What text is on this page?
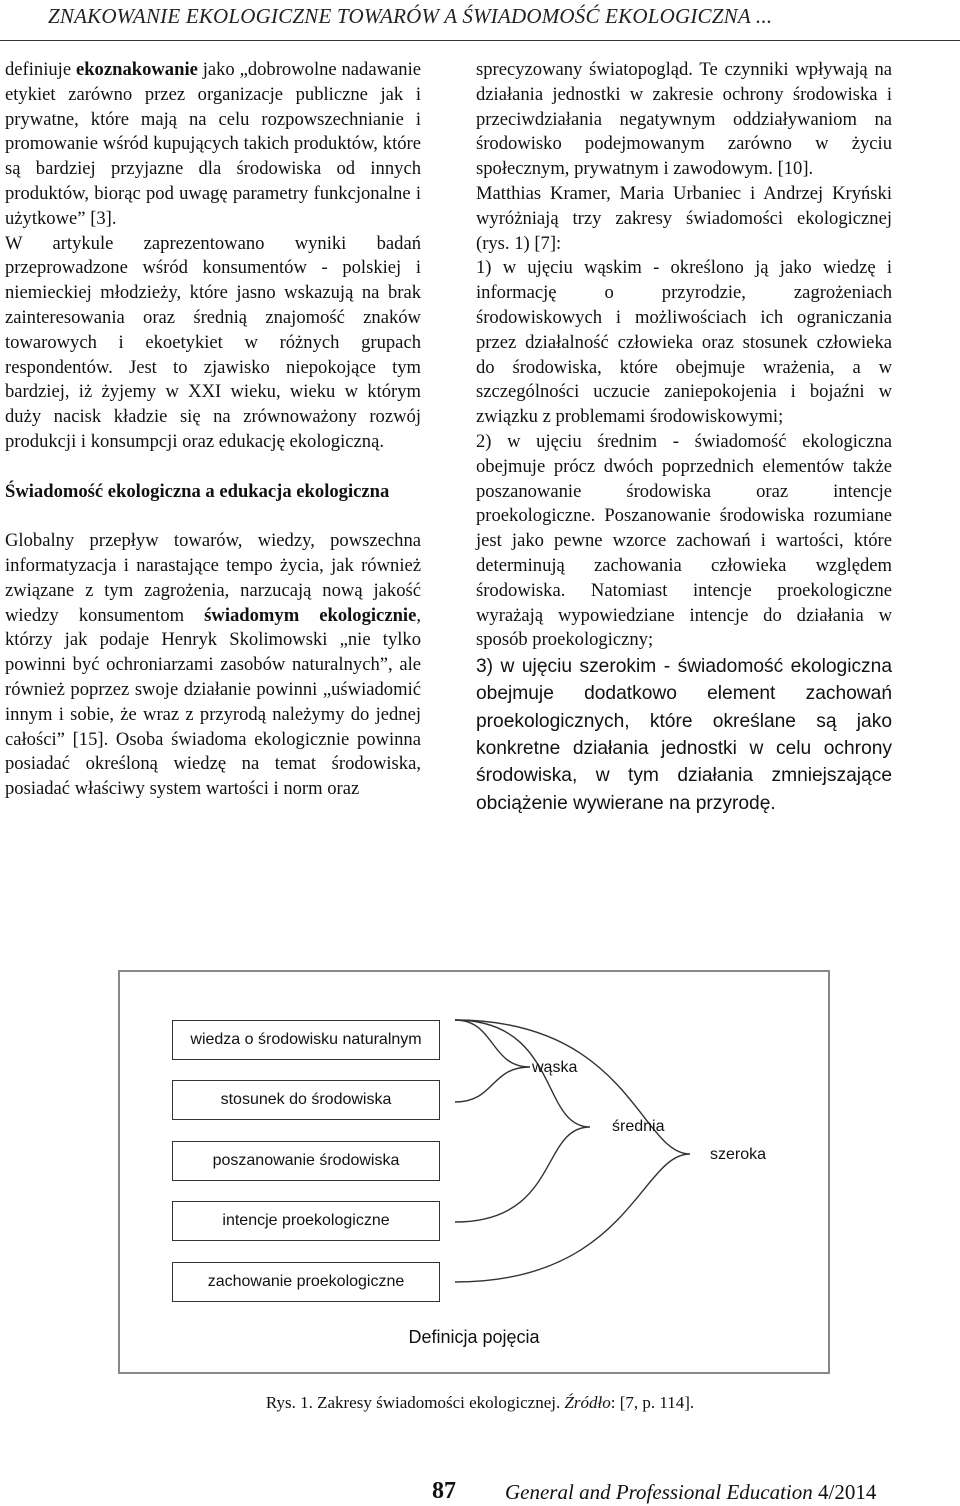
ZNAKOWANIE EKOLOGICZNE TOWARÓW A ŚWIADOMOŚĆ EKOLOGICZNA ...

definiuje ekoznakowanie jako „dobrowolne nadawanie etykiet zarówno przez organizacje publiczne jak i prywatne, które mają na celu rozpowszechnianie i promowanie wśród kupujących takich produktów, które są bardziej przyjazne dla środowiska od innych produktów, biorąc pod uwagę parametry funkcjonalne i użytkowe” [3].

W artykule zaprezentowano wyniki badań przeprowadzone wśród konsumentów - polskiej i niemieckiej młodzieży, które jasno wskazują na brak zainteresowania oraz średnią znajomość znaków towarowych i ekoetykiet w różnych grupach respondentów. Jest to zjawisko niepokojące tym bardziej, iż żyjemy w XXI wieku, wieku w którym duży nacisk kładzie się na zrównoważony rozwój produkcji i konsumpcji oraz edukację ekologiczną.

Świadomość ekologiczna a edukacja ekologiczna

Globalny przepływ towarów, wiedzy, powszechna informatyzacja i narastające tempo życia, jak również związane z tym zagrożenia, narzucają nową jakość wiedzy konsumentom świadomym ekologicznie, którzy jak podaje Henryk Skolimowski „nie tylko powinni być ochroniarzami zasobów naturalnych”, ale również poprzez swoje działanie powinni „uświadomić innym i sobie, że wraz z przyrodą należymy do jednej całości” [15]. Osoba świadoma ekologicznie powinna posiadać określoną wiedzę na temat środowiska, posiadać właściwy system wartości i norm oraz

sprecyzowany światopogląd. Te czynniki wpływają na działania jednostki w zakresie ochrony środowiska i przeciwdziałania negatywnym oddziaływaniom na środowisko podejmowanym zarówno w życiu społecznym, prywatnym i zawodowym. [10].

Matthias Kramer, Maria Urbaniec i Andrzej Kryński wyróżniają trzy zakresy świadomości ekologicznej (rys. 1) [7]:

1) w ujęciu wąskim - określono ją jako wiedzę i informację o przyrodzie, zagrożeniach środowiskowych i możliwościach ich ograniczania przez działalność człowieka oraz stosunek człowieka do środowiska, które obejmuje wrażenia, a w szczególności uczucie zaniepokojenia i bojaźni w związku z problemami środowiskowymi;

2) w ujęciu średnim - świadomość ekologiczna obejmuje prócz dwóch poprzednich elementów także poszanowanie środowiska oraz intencje proekologiczne. Poszanowanie środowiska rozumiane jest jako pewne wzorce zachowań i wartości, które determinują zachowania człowieka względem środowiska. Natomiast intencje proekologiczne wyrażają wypowiedziane intencje do działania w sposób proekologiczny;

3) w ujęciu szerokim - świadomość ekologiczna obejmuje dodatkowo element zachowań proekologicznych, które określane są jako konkretne działania jednostki w celu ochrony środowiska, w tym działania zmniejszające obciążenie wywierane na przyrodę.

wiedza o środowisku naturalnym
stosunek do środowiska
poszanowanie środowiska
intencje proekologiczne
zachowanie proekologiczne
wąska
średnia
szeroka
Definicja pojęcia
Rys. 1. Zakresy świadomości ekologicznej. Źródło: [7, p. 114].
87 General and Professional Education 4/2014
